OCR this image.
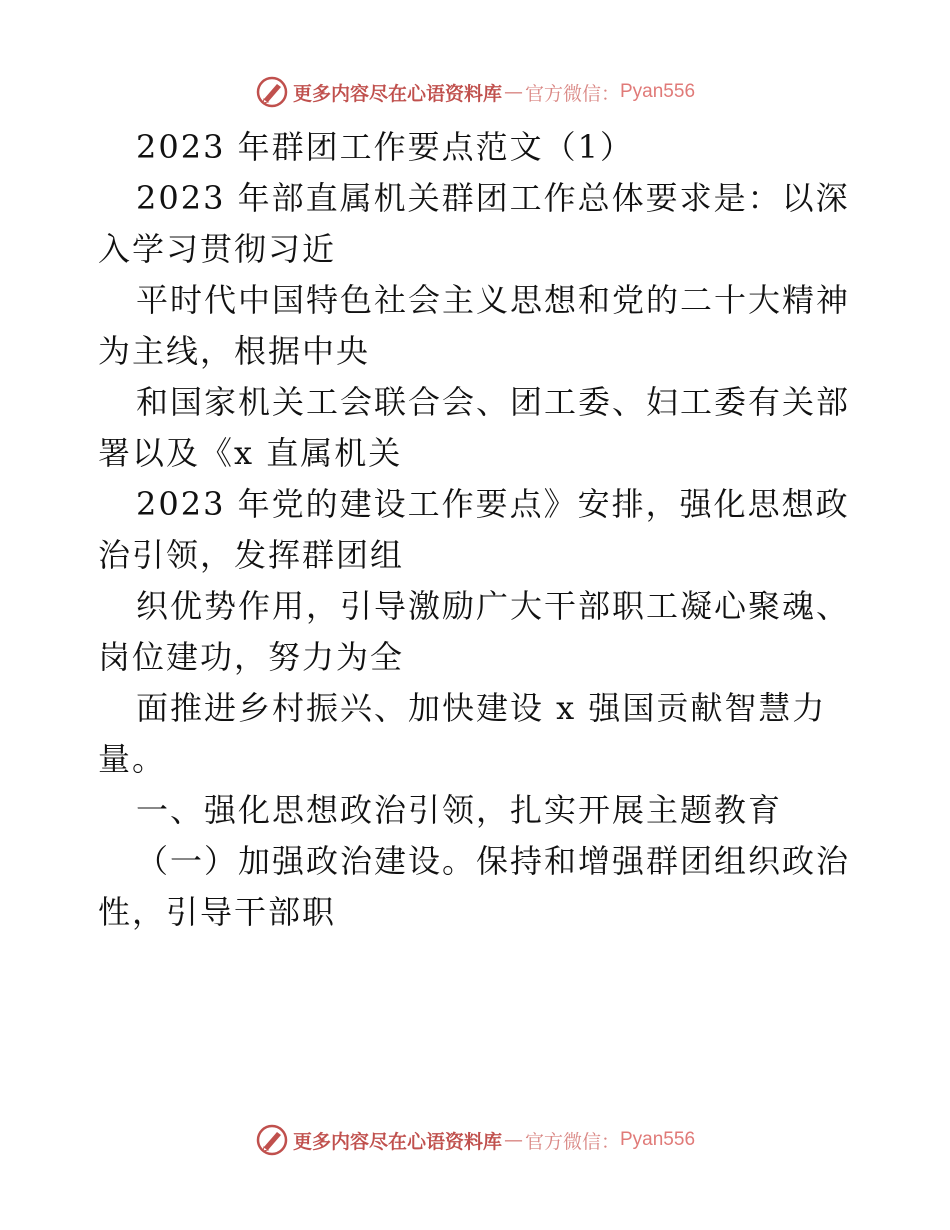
更多内容尽在心语资料库 — 官方微信： Pyan556

2023 年群团工作要点范文（1）

2023 年部直属机关群团工作总体要求是：以深

入学习贯彻习近

平时代中国特色社会主义思想和党的二十大精神

为主线，根据中央

和国家机关工会联合会、团工委、妇工委有关部

署以及《x 直属机关

2023 年党的建设工作要点》安排，强化思想政

治引领，发挥群团组

织优势作用，引导激励广大干部职工凝心聚魂、

岗位建功，努力为全

面推进乡村振兴、加快建设 x 强国贡献智慧力

量。

一、强化思想政治引领，扎实开展主题教育

（一）加强政治建设。保持和增强群团组织政治

性，引导干部职

更多内容尽在心语资料库 — 官方微信： Pyan556
